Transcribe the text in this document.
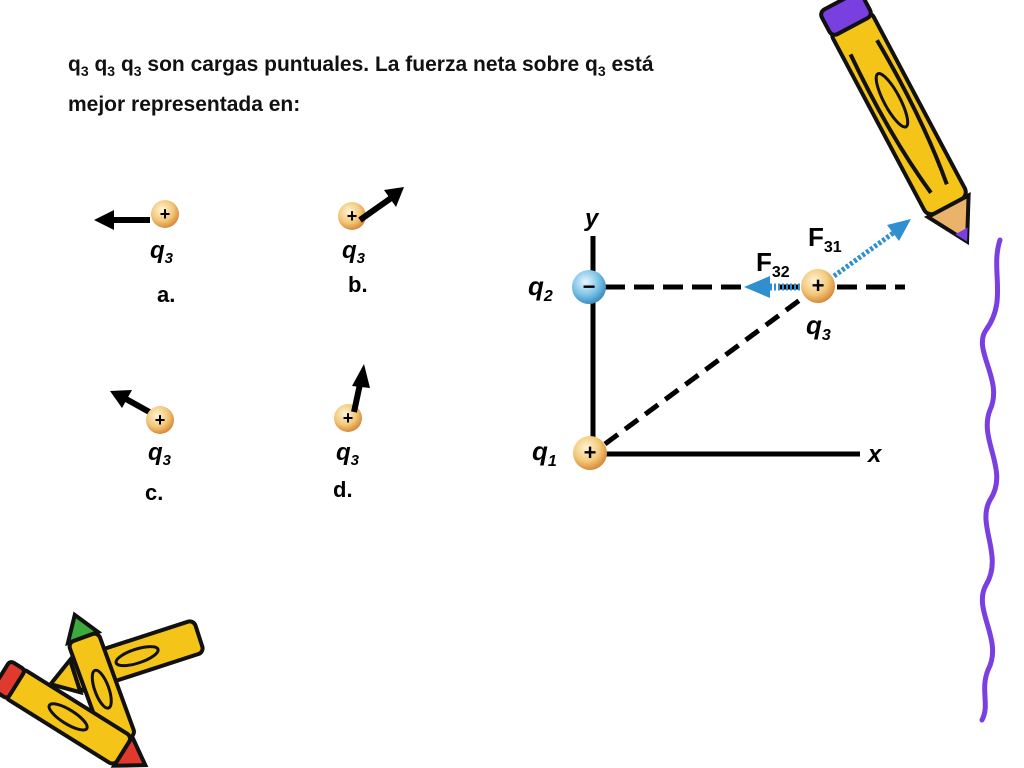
$q_3$ $q_3$ $q_3$ son cargas puntuales. La fuerza neta sobre $q_3$ está
mejor representada en:
+
$q_3$
a.
+
$q_3$
b.
+
$q_3$
c.
+
$q_3$
d.
y
x
−
$q_2$
+
$q_1$
+
$q_3$
$F_{31}$
$F_{32}$
